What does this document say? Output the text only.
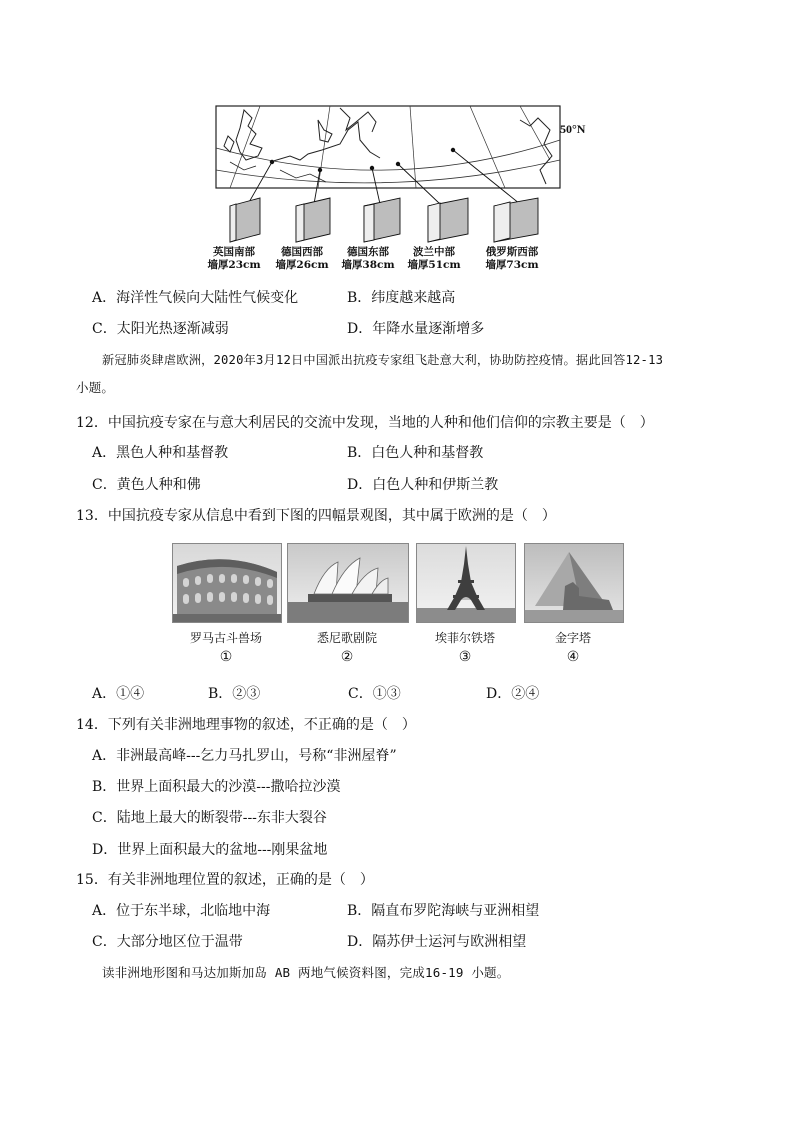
50°N
英国南部
墙厚23cm
德国西部
墙厚26cm
德国东部
墙厚38cm
波兰中部
墙厚51cm
俄罗斯西部
墙厚73cm
A．海洋性气候向大陆性气候变化	B．纬度越来越高
C．太阳光热逐渐减弱	D．年降水量逐渐增多
新冠肺炎肆虐欧洲，2020年3月12日中国派出抗疫专家组飞赴意大利，协助防控疫情。据此回答12-13
小题。
12．中国抗疫专家在与意大利居民的交流中发现，当地的人种和他们信仰的宗教主要是（　）
A．黑色人种和基督教	B．白色人种和基督教
C．黄色人种和佛	D．白色人种和伊斯兰教
13．中国抗疫专家从信息中看到下图的四幅景观图，其中属于欧洲的是（　）
罗马古斗兽场	悉尼歌剧院	埃菲尔铁塔	金字塔
①	②	③	④
A．①④	B．②③	C．①③	D．②④
14．下列有关非洲地理事物的叙述，不正确的是（　）
A．非洲最高峰---乞力马扎罗山，号称“非洲屋脊”
B．世界上面积最大的沙漠---撒哈拉沙漠
C．陆地上最大的断裂带---东非大裂谷
D．世界上面积最大的盆地---刚果盆地
15．有关非洲地理位置的叙述，正确的是（　）
A．位于东半球，北临地中海	B．隔直布罗陀海峡与亚洲相望
C．大部分地区位于温带	D．隔苏伊士运河与欧洲相望
读非洲地形图和马达加斯加岛 AB 两地气候资料图，完成16-19 小题。
